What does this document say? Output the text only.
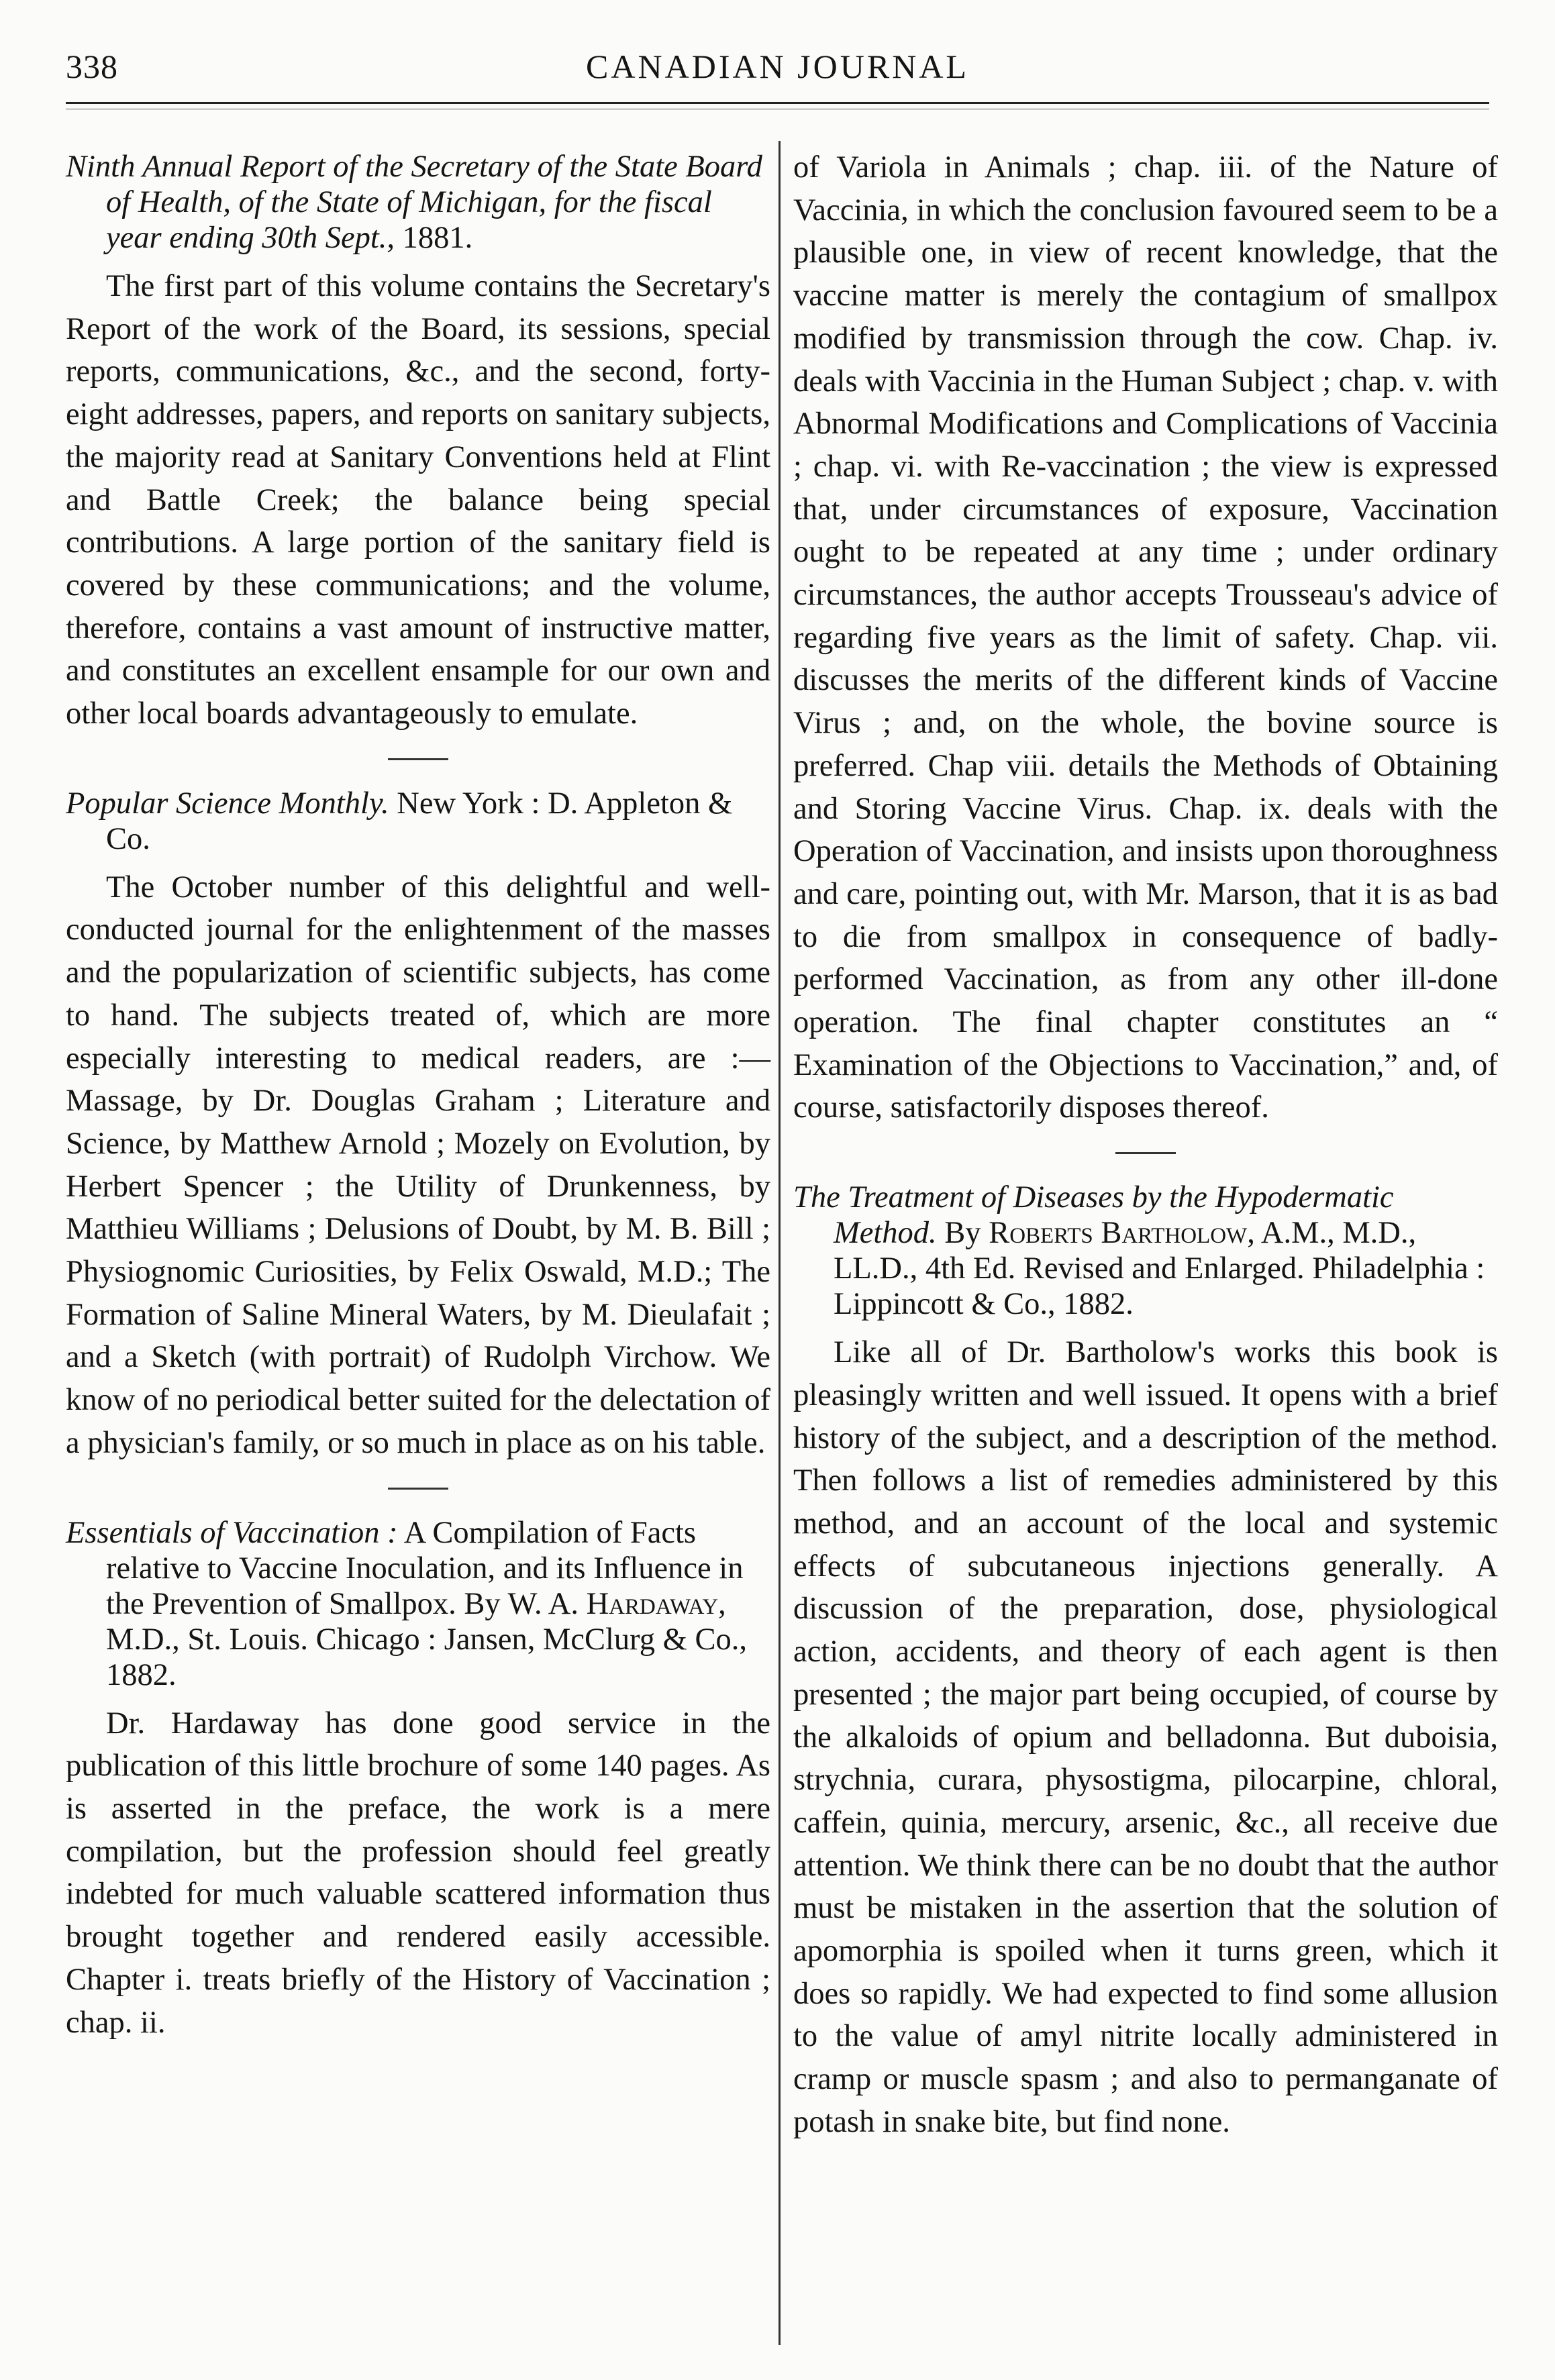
338	CANADIAN JOURNAL
Ninth Annual Report of the Secretary of the State Board of Health, of the State of Michigan, for the fiscal year ending 30th Sept., 1881.

The first part of this volume contains the Secretary's Report of the work of the Board, its sessions, special reports, communications, &c., and the second, forty-eight addresses, papers, and reports on sanitary subjects, the majority read at Sanitary Conventions held at Flint and Battle Creek; the balance being special contributions. A large portion of the sanitary field is covered by these communications; and the volume, therefore, contains a vast amount of instructive matter, and constitutes an excellent ensample for our own and other local boards advantageously to emulate.

Popular Science Monthly. New York : D. Appleton & Co.

The October number of this delightful and well-conducted journal for the enlightenment of the masses and the popularization of scientific subjects, has come to hand. The subjects treated of, which are more especially interesting to medical readers, are :—Massage, by Dr. Douglas Graham ; Literature and Science, by Matthew Arnold ; Mozely on Evolution, by Herbert Spencer ; the Utility of Drunkenness, by Matthieu Williams ; Delusions of Doubt, by M. B. Bill ; Physiognomic Curiosities, by Felix Oswald, M.D.; The Formation of Saline Mineral Waters, by M. Dieulafait ; and a Sketch (with portrait) of Rudolph Virchow. We know of no periodical better suited for the delectation of a physician's family, or so much in place as on his table.

Essentials of Vaccination : A Compilation of Facts relative to Vaccine Inoculation, and its Influence in the Prevention of Smallpox. By W. A. Hardaway, M.D., St. Louis. Chicago : Jansen, McClurg & Co., 1882.

Dr. Hardaway has done good service in the publication of this little brochure of some 140 pages. As is asserted in the preface, the work is a mere compilation, but the profession should feel greatly indebted for much valuable scattered information thus brought together and rendered easily accessible. Chapter i. treats briefly of the History of Vaccination ; chap. ii.

of Variola in Animals ; chap. iii. of the Nature of Vaccinia, in which the conclusion favoured seem to be a plausible one, in view of recent knowledge, that the vaccine matter is merely the contagium of smallpox modified by transmission through the cow. Chap. iv. deals with Vaccinia in the Human Subject ; chap. v. with Abnormal Modifications and Complications of Vaccinia ; chap. vi. with Re-vaccination ; the view is expressed that, under circumstances of exposure, Vaccination ought to be repeated at any time ; under ordinary circumstances, the author accepts Trousseau's advice of regarding five years as the limit of safety. Chap. vii. discusses the merits of the different kinds of Vaccine Virus ; and, on the whole, the bovine source is preferred. Chap viii. details the Methods of Obtaining and Storing Vaccine Virus. Chap. ix. deals with the Operation of Vaccination, and insists upon thoroughness and care, pointing out, with Mr. Marson, that it is as bad to die from smallpox in consequence of badly-performed Vaccination, as from any other ill-done operation. The final chapter constitutes an “ Examination of the Objections to Vaccination,” and, of course, satisfactorily disposes thereof.

The Treatment of Diseases by the Hypodermatic Method. By Roberts Bartholow, A.M., M.D., LL.D., 4th Ed. Revised and Enlarged. Philadelphia : Lippincott & Co., 1882.

Like all of Dr. Bartholow's works this book is pleasingly written and well issued. It opens with a brief history of the subject, and a description of the method. Then follows a list of remedies administered by this method, and an account of the local and systemic effects of subcutaneous injections generally. A discussion of the preparation, dose, physiological action, accidents, and theory of each agent is then presented ; the major part being occupied, of course by the alkaloids of opium and belladonna. But duboisia, strychnia, curara, physostigma, pilocarpine, chloral, caffein, quinia, mercury, arsenic, &c., all receive due attention. We think there can be no doubt that the author must be mistaken in the assertion that the solution of apomorphia is spoiled when it turns green, which it does so rapidly. We had expected to find some allusion to the value of amyl nitrite locally administered in cramp or muscle spasm ; and also to permanganate of potash in snake bite, but find none.
